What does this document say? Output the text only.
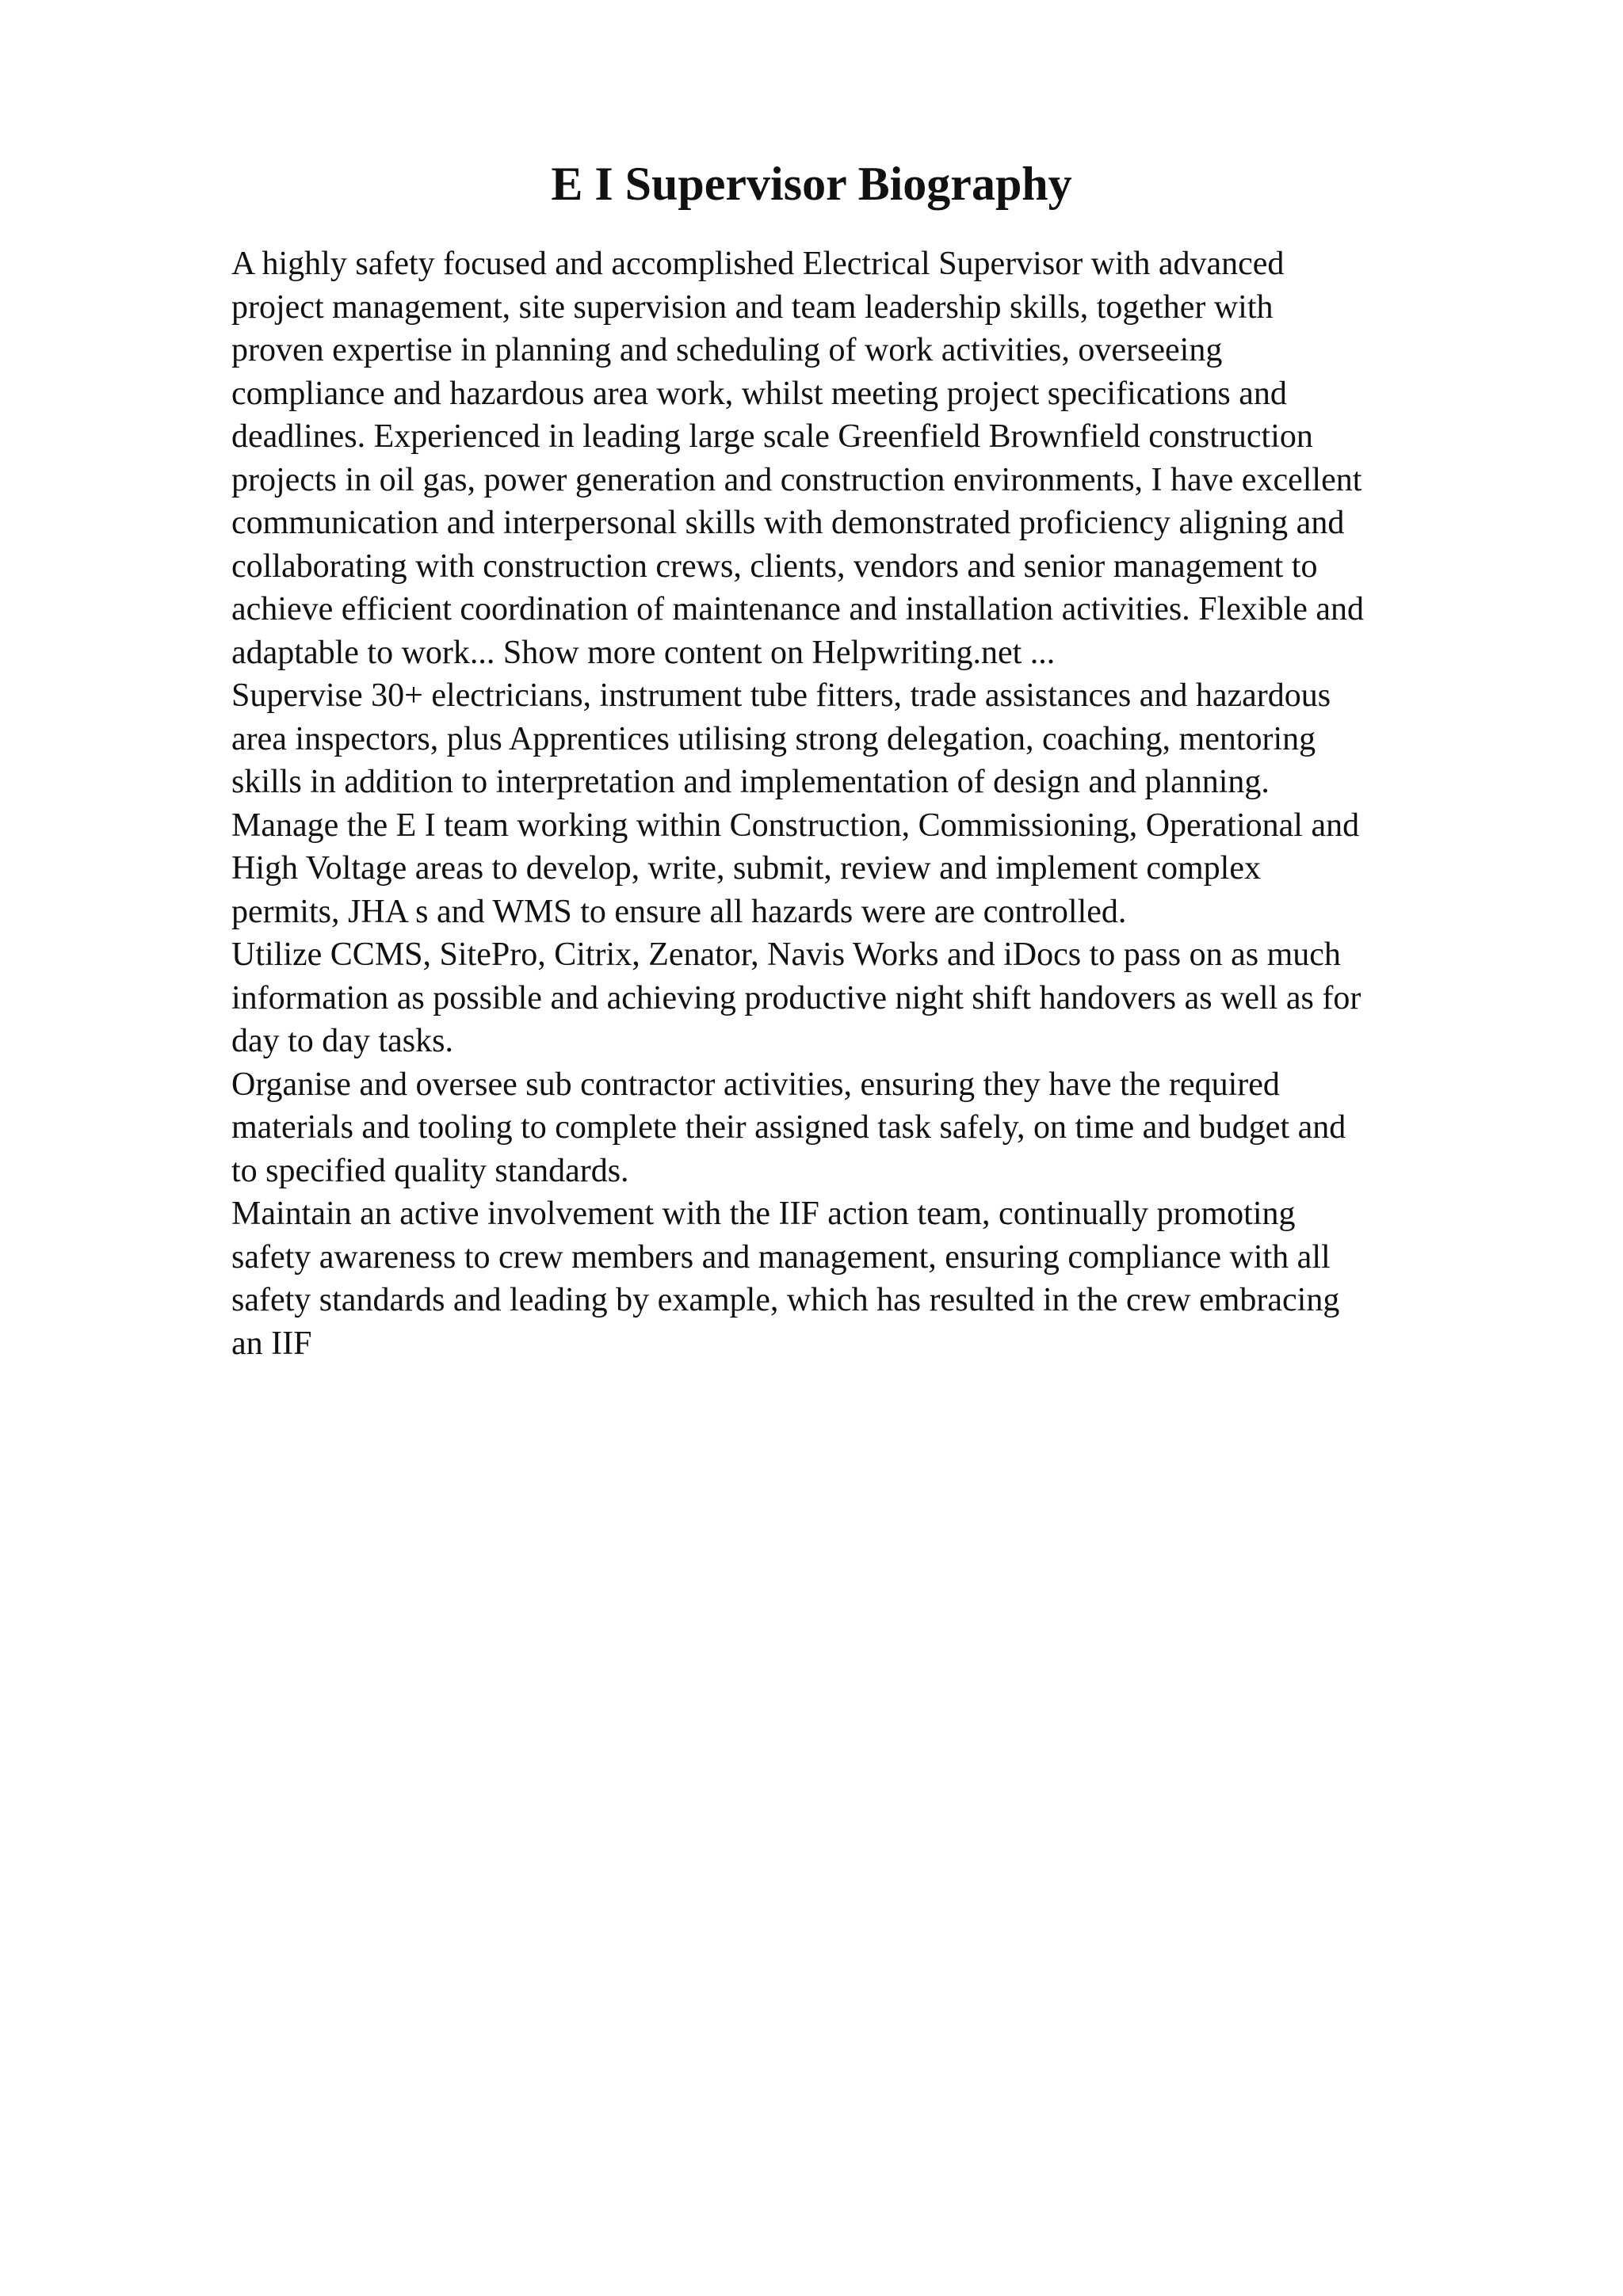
E I Supervisor Biography

A highly safety focused and accomplished Electrical Supervisor with advanced
project management, site supervision and team leadership skills, together with
proven expertise in planning and scheduling of work activities, overseeing
compliance and hazardous area work, whilst meeting project specifications and
deadlines. Experienced in leading large scale Greenfield Brownfield construction
projects in oil gas, power generation and construction environments, I have excellent
communication and interpersonal skills with demonstrated proficiency aligning and
collaborating with construction crews, clients, vendors and senior management to
achieve efficient coordination of maintenance and installation activities. Flexible and
adaptable to work... Show more content on Helpwriting.net ...

Supervise 30+ electricians, instrument tube fitters, trade assistances and hazardous
area inspectors, plus Apprentices utilising strong delegation, coaching, mentoring
skills in addition to interpretation and implementation of design and planning.

Manage the E I team working within Construction, Commissioning, Operational and
High Voltage areas to develop, write, submit, review and implement complex
permits, JHA s and WMS to ensure all hazards were are controlled.

Utilize CCMS, SitePro, Citrix, Zenator, Navis Works and iDocs to pass on as much
information as possible and achieving productive night shift handovers as well as for
day to day tasks.

Organise and oversee sub contractor activities, ensuring they have the required
materials and tooling to complete their assigned task safely, on time and budget and
to specified quality standards.

Maintain an active involvement with the IIF action team, continually promoting
safety awareness to crew members and management, ensuring compliance with all
safety standards and leading by example, which has resulted in the crew embracing
an IIF
